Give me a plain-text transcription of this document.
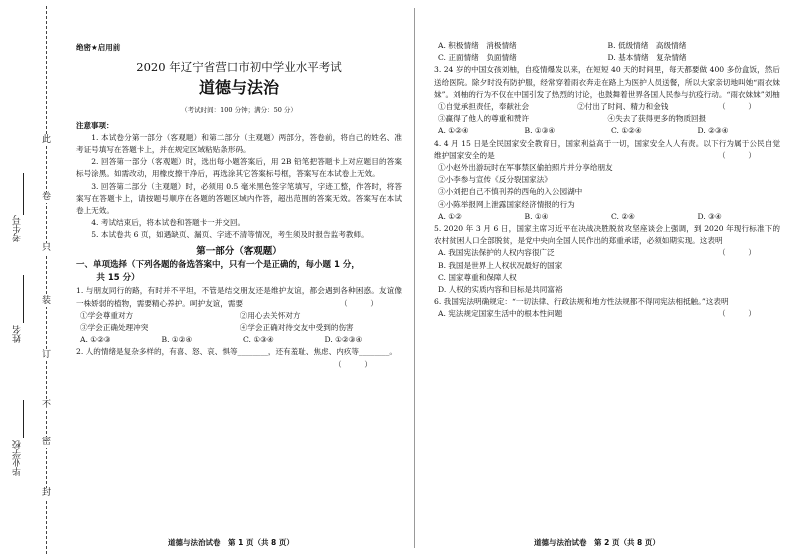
此
卷
只
装
订
不
密
封
考生号
姓名
毕业学校
绝密★启用前
2020 年辽宁省营口市初中学业水平考试
道德与法治
（考试时间：100 分钟；满分：50 分）
注意事项：
1. 本试卷分第一部分（客观题）和第二部分（主观题）两部分，答卷前，将自己的姓名、准考证号填写在答题卡上，并在规定区域粘贴条形码。
2. 回答第一部分（客观题）时，选出每小题答案后，用 2B 铅笔把答题卡上对应题目的答案标号涂黑。如需改动，用橡皮擦干净后，再选涂其它答案标号框，答案写在本试卷上无效。
3. 回答第二部分（主观题）时，必须用 0.5 毫米黑色签字笔填写，字迹工整，作答时，将答案写在答题卡上，请按题号顺序在各题的答题区域内作答，超出范围的答案无效。答案写在本试卷上无效。
4. 考试结束后，将本试卷和答题卡一并交回。
5. 本试卷共 6 页，如遇缺页、漏页、字迹不清等情况，考生须及时报告监考教师。
第一部分（客观题）
一、单项选择（下列各题的备选答案中，只有一个是正确的，每小题 1 分，
共 15 分）
1. 与朋友同行的路，有时并不平坦，不管是结交朋友还是维护友谊，都会遇到各种困惑。友谊像一株娇弱的植物，需要精心养护。呵护友谊，需要	（　　　）
①学会尊重对方	②用心去关怀对方
③学会正确处理冲突	④学会正确对待交友中受到的伤害
A. ①②③	B. ①②④	C. ①③④	D. ①②③④
2. 人的情绪是复杂多样的，有喜、怒、哀、惧等________，还有羞耻、焦虑、内疚等________。
（　　　）
道德与法治试卷　第 1 页（共 8 页）
A. 积极情绪　消极情绪	B. 低级情绪　高级情绪
C. 正面情绪　负面情绪	D. 基本情绪　复杂情绪
3. 24 岁的中国女孩刘柚，自疫情爆发以来，在短短 40 天的时间里，每天都要做 400 多份盒饭，然后送给医院。除夕时没有防护服，经常穿着雨衣奔走在路上为医护人员送餐，所以大家亲切地叫她“雨衣妹妹”。刘柚的行为不仅在中国引发了热烈的讨论，也鼓舞着世界各国人民参与抗疫行动。“雨衣妹妹”刘柚
（　　　）
①自觉承担责任，奉献社会	②付出了时间、精力和金钱
③赢得了他人的尊重和赞许	④失去了获得更多的物质回报
A. ①②④	B. ①③④	C. ①②④	D. ②③④
4. 4 月 15 日是全民国家安全教育日，国家利益高于一切，国家安全人人有责。以下行为属于公民自觉维护国家安全的是	（　　　）
①小赵外出游玩时在军事禁区偷拍照片并分享给朋友
②小李参与宣传《反分裂国家法》
③小刘把自己不慎刊养的西龟的入公园湖中
④小陈举报网上泄露国家经济情报的行为
A. ①②	B. ①④	C. ②④	D. ③④
5. 2020 年 3 月 6 日，国家主席习近平在决战决胜脱贫攻坚座谈会上强调，到 2020 年现行标准下的农村贫困人口全部脱贫，是党中央向全国人民作出的郑重承诺，必须如期实现。这表明
（　　　）
A. 我国宪法保护的人权内容很广泛
B. 我国是世界上人权状况最好的国家
C. 国家尊重和保障人权
D. 人权的实质内容和目标是共同富裕
6. 我国宪法明确规定：“一切法律、行政法规和地方性法规都不得同宪法相抵触。”这表明
（　　　）
A. 宪法规定国家生活中的根本性问题
道德与法治试卷　第 2 页（共 8 页）
